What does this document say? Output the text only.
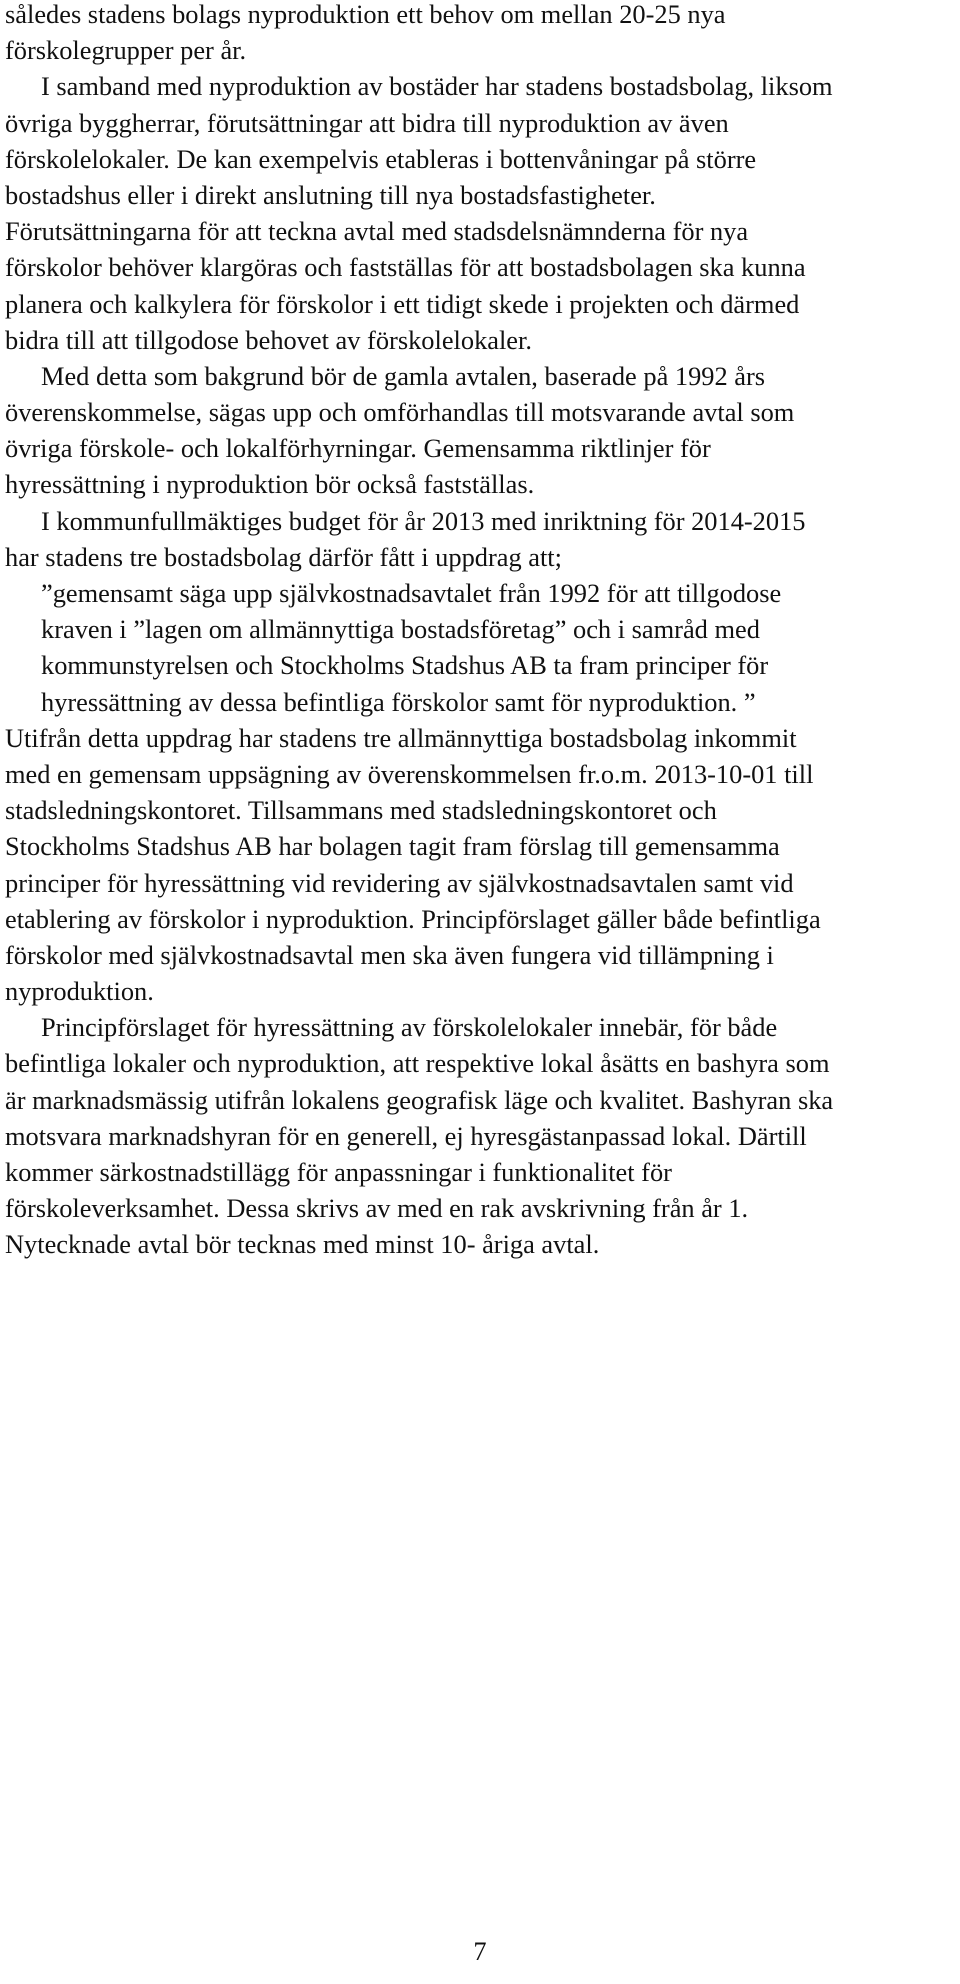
således stadens bolags nyproduktion ett behov om mellan 20-25 nya
förskolegrupper per år.
I samband med nyproduktion av bostäder har stadens bostadsbolag, liksom
övriga byggherrar, förutsättningar att bidra till nyproduktion av även
förskolelokaler. De kan exempelvis etableras i bottenvåningar på större
bostadshus eller i direkt anslutning till nya bostadsfastigheter.
Förutsättningarna för att teckna avtal med stadsdelsnämnderna för nya
förskolor behöver klargöras och fastställas för att bostadsbolagen ska kunna
planera och kalkylera för förskolor i ett tidigt skede i projekten och därmed
bidra till att tillgodose behovet av förskolelokaler.
Med detta som bakgrund bör de gamla avtalen, baserade på 1992 års
överenskommelse, sägas upp och omförhandlas till motsvarande avtal som
övriga förskole- och lokalförhyrningar. Gemensamma riktlinjer för
hyressättning i nyproduktion bör också fastställas.
I kommunfullmäktiges budget för år 2013 med inriktning för 2014-2015
har stadens tre bostadsbolag därför fått i uppdrag att;
”gemensamt säga upp självkostnadsavtalet från 1992 för att tillgodose
kraven i ”lagen om allmännyttiga bostadsföretag” och i samråd med
kommunstyrelsen och Stockholms Stadshus AB ta fram principer för
hyressättning av dessa befintliga förskolor samt för nyproduktion. ”
Utifrån detta uppdrag har stadens tre allmännyttiga bostadsbolag inkommit
med en gemensam uppsägning av överenskommelsen fr.o.m. 2013-10-01 till
stadsledningskontoret. Tillsammans med stadsledningskontoret och
Stockholms Stadshus AB har bolagen tagit fram förslag till gemensamma
principer för hyressättning vid revidering av självkostnadsavtalen samt vid
etablering av förskolor i nyproduktion. Principförslaget gäller både befintliga
förskolor med självkostnadsavtal men ska även fungera vid tillämpning i
nyproduktion.
Principförslaget för hyressättning av förskolelokaler innebär, för både
befintliga lokaler och nyproduktion, att respektive lokal åsätts en bashyra som
är marknadsmässig utifrån lokalens geografisk läge och kvalitet. Bashyran ska
motsvara marknadshyran för en generell, ej hyresgästanpassad lokal. Därtill
kommer särkostnadstillägg för anpassningar i funktionalitet för
förskoleverksamhet. Dessa skrivs av med en rak avskrivning från år 1.
Nytecknade avtal bör tecknas med minst 10- åriga avtal.
7
